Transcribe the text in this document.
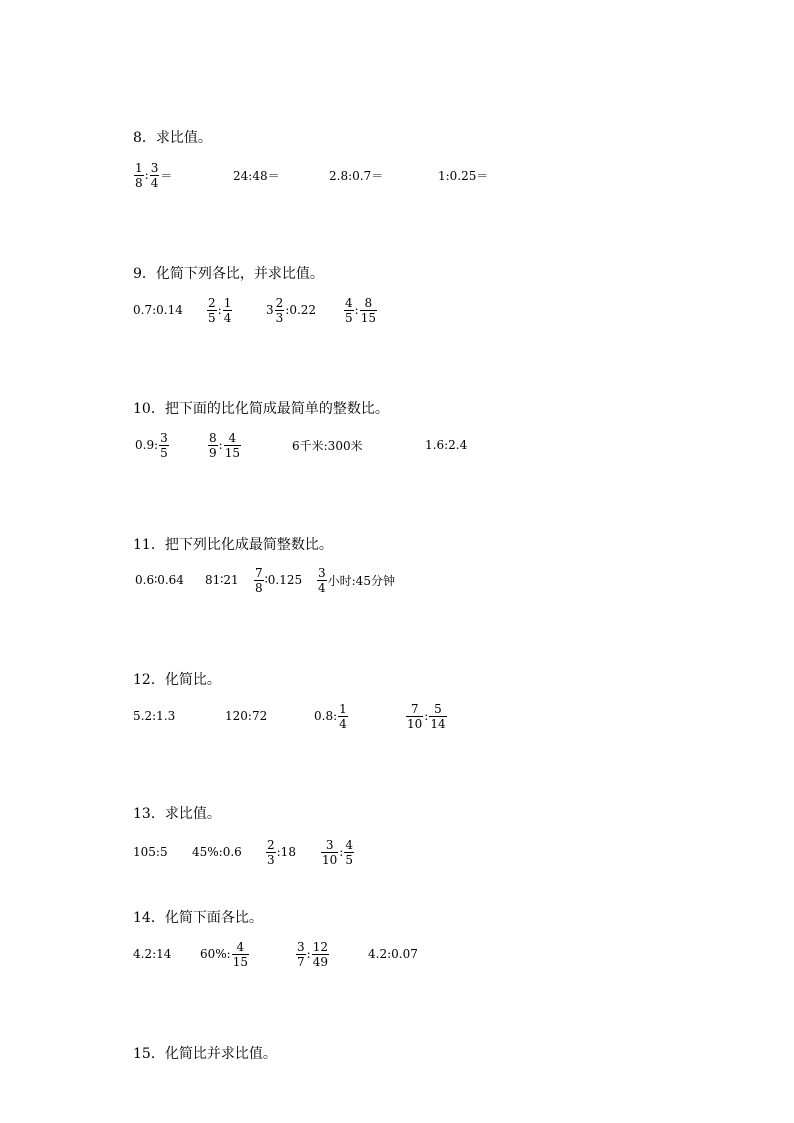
8．求比值。
$\frac{1}{8}$ : $\frac{3}{4}$ ＝	24:48＝	2.8:0.7＝	1:0.25＝
9．化简下列各比，并求比值。
0.7:0.14 $\frac{2}{5}$ : $\frac{1}{4}$	$3 \frac{2}{3}$ :0.22 $\frac{4}{5}$ : $\frac{8}{15}$
10．把下面的比化简成最简单的整数比。
0.9: $\frac{3}{5}$	$\frac{8}{9}$ : $\frac{4}{15}$	6千米:300米	1.6:2.4
11．把下列比化成最简整数比。
0.6∶0.64 81∶21 $\frac{7}{8}$ ∶0.125 $\frac{3}{4}$ 小时:45分钟
12．化简比。
5.2:1.3	120:72	0.8: $\frac{1}{4}$	$\frac{7}{10}$ : $\frac{5}{14}$
13．求比值。
105:5 45%:0.6 $\frac{2}{3}$ :18 $\frac{3}{10}$ : $\frac{4}{5}$
14．化简下面各比。
4.2:14 60%: $\frac{4}{15}$	$\frac{3}{7}$ : $\frac{12}{49}$	4.2:0.07
15．化简比并求比值。
